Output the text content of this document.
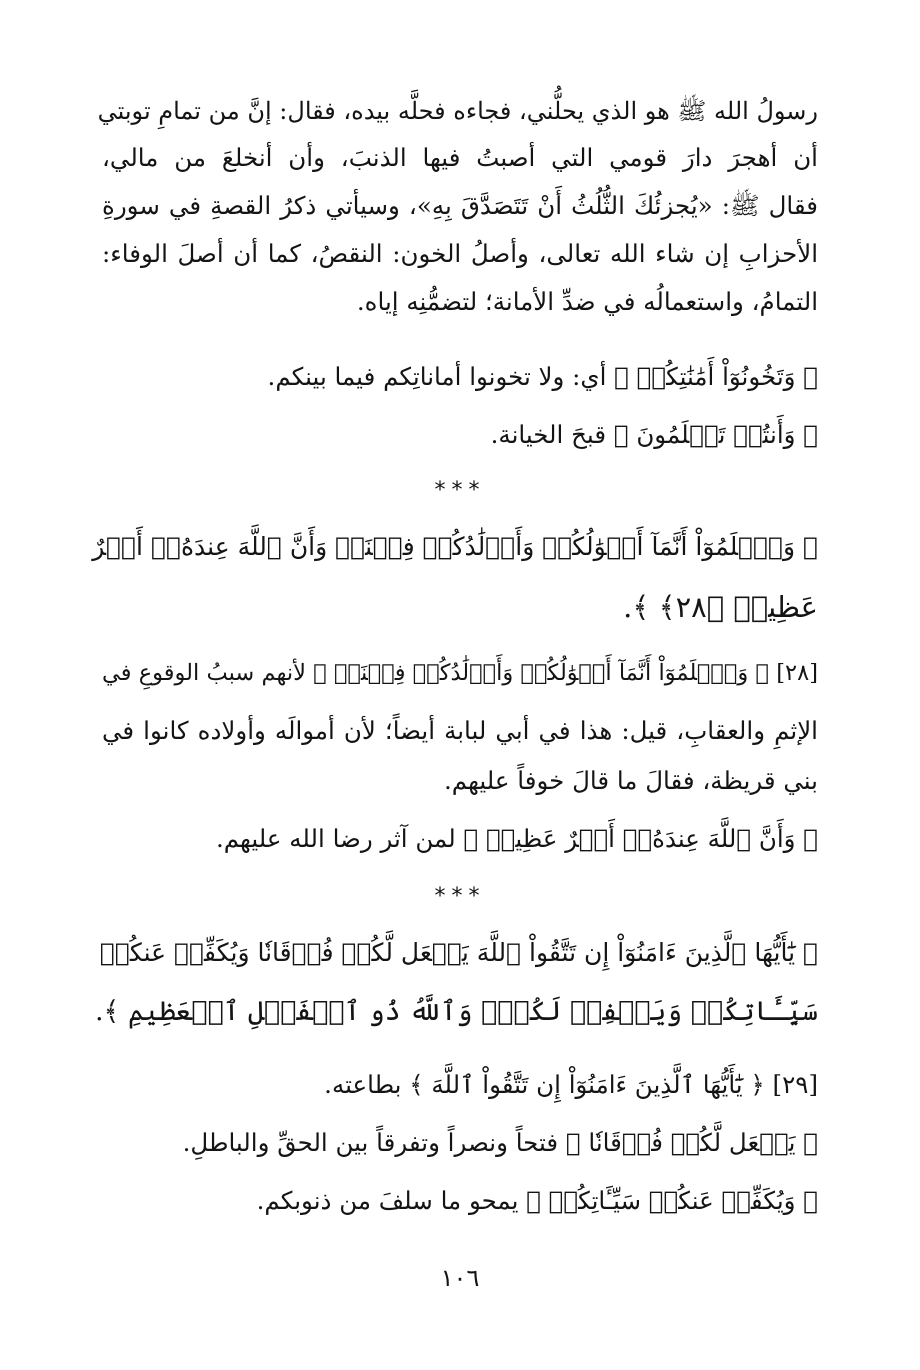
رسولُ الله ﷺ هو الذي يحلُّني، فجاءه فحلَّه بيده، فقال: إنَّ من تمامِ توبتي
أن أهجرَ دارَ قومي التي أصبتُ فيها الذنبَ، وأن أنخلعَ من مالي،
فقال ﷺ: «يُجزئُكَ الثُّلُثُ أَنْ تَتَصَدَّقَ بِهِ»، وسيأتي ذكرُ القصةِ في سورةِ
الأحزابِ إن شاء الله تعالى، وأصلُ الخون: النقصُ، كما أن أصلَ الوفاء:
التمامُ، واستعمالُه في ضدِّ الأمانة؛ لتضمُّنِه إياه.
﴿ وَتَخُونُوٓاْ أَمَٰنَٰتِكُمۡ ﴾ أي: ولا تخونوا أماناتِكم فيما بينكم.
﴿ وَأَنتُمۡ تَعۡلَمُونَ ﴾ قبحَ الخيانة.
***
﴿ وَٱعۡلَمُوٓاْ أَنَّمَآ أَمۡوَٰلُكُمۡ وَأَوۡلَٰدُكُمۡ فِتۡنَةٞ وَأَنَّ ٱللَّهَ عِندَهُۥٓ أَجۡرٌ
عَظِيمٞ ﴿٢٨﴾ ﴾.
[٢٨] ﴿ وَٱعۡلَمُوٓاْ أَنَّمَآ أَمۡوَٰلُكُمۡ وَأَوۡلَٰدُكُمۡ فِتۡنَةٞ ﴾ لأنهم سببُ الوقوعِ في
الإثمِ والعقابِ، قيل: هذا في أبي لبابة أيضاً؛ لأن أموالَه وأولاده كانوا في
بني قريظة، فقالَ ما قالَ خوفاً عليهم.
﴿ وَأَنَّ ٱللَّهَ عِندَهُۥٓ أَجۡرٌ عَظِيمٞ ﴾ لمن آثر رضا الله عليهم.
***
﴿ يَٰٓأَيُّهَا ٱلَّذِينَ ءَامَنُوٓاْ إِن تَتَّقُواْ ٱللَّهَ يَجۡعَل لَّكُمۡ فُرۡقَانٗا وَيُكَفِّرۡ عَنكُمۡ
سَيِّـَٔاتِكُمۡ وَيَغۡفِرۡ لَكُمۡۗ وَٱللَّهُ ذُو ٱلۡفَضۡلِ ٱلۡعَظِيمِ ﴾.
[٢٩] ﴿ يَٰٓأَيُّهَا ٱلَّذِينَ ءَامَنُوٓاْ إِن تَتَّقُواْ ٱللَّهَ ﴾ بطاعته.
﴿ يَجۡعَل لَّكُمۡ فُرۡقَانٗا ﴾ فتحاً ونصراً وتفرقاً بين الحقِّ والباطلِ.
﴿ وَيُكَفِّرۡ عَنكُمۡ سَيِّـَٔاتِكُمۡ ﴾ يمحو ما سلفَ من ذنوبكم.
١٠٦
